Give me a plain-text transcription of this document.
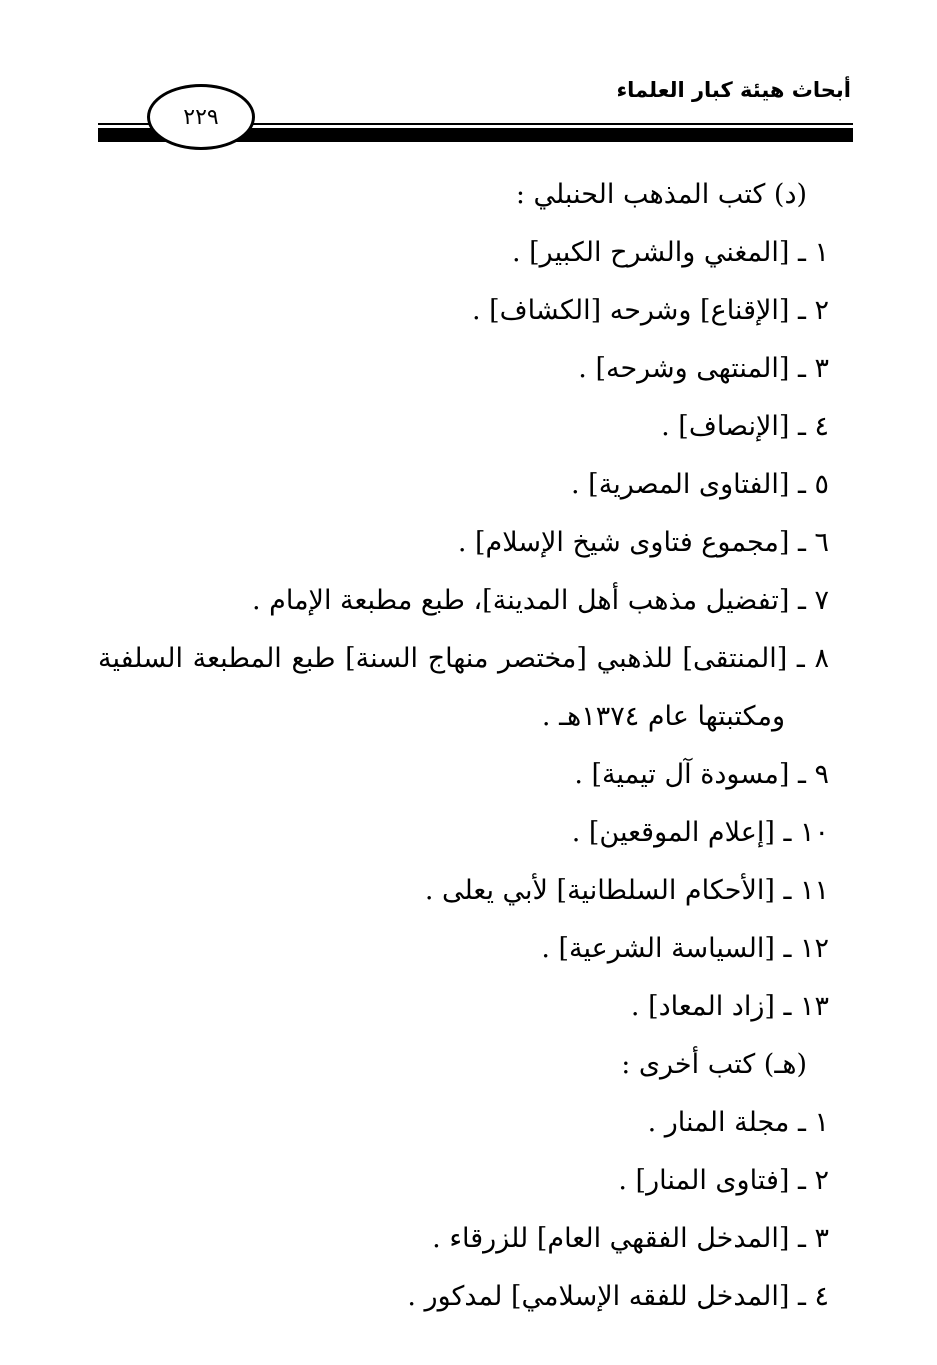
أبحاث هيئة كبار العلماء
٢٢٩

(د) كتب المذهب الحنبلي :

١ ـ [المغني والشرح الكبير] .

٢ ـ [الإقناع] وشرحه [الكشاف] .

٣ ـ [المنتهى وشرحه] .

٤ ـ [الإنصاف] .

٥ ـ [الفتاوى المصرية] .

٦ ـ [مجموع فتاوى شيخ الإسلام] .

٧ ـ [تفضيل مذهب أهل المدينة]، طبع مطبعة الإمام .

٨ ـ [المنتقى] للذهبي [مختصر منهاج السنة] طبع المطبعة السلفية

ومكتبتها عام ١٣٧٤هـ .

٩ ـ [مسودة آل تيمية] .

١٠ ـ [إعلام الموقعين] .

١١ ـ [الأحكام السلطانية] لأبي يعلى .

١٢ ـ [السياسة الشرعية] .

١٣ ـ [زاد المعاد] .

(هـ) كتب أخرى :

١ ـ مجلة المنار .

٢ ـ [فتاوى المنار] .

٣ ـ [المدخل الفقهي العام] للزرقاء .

٤ ـ [المدخل للفقه الإسلامي] لمدكور .
